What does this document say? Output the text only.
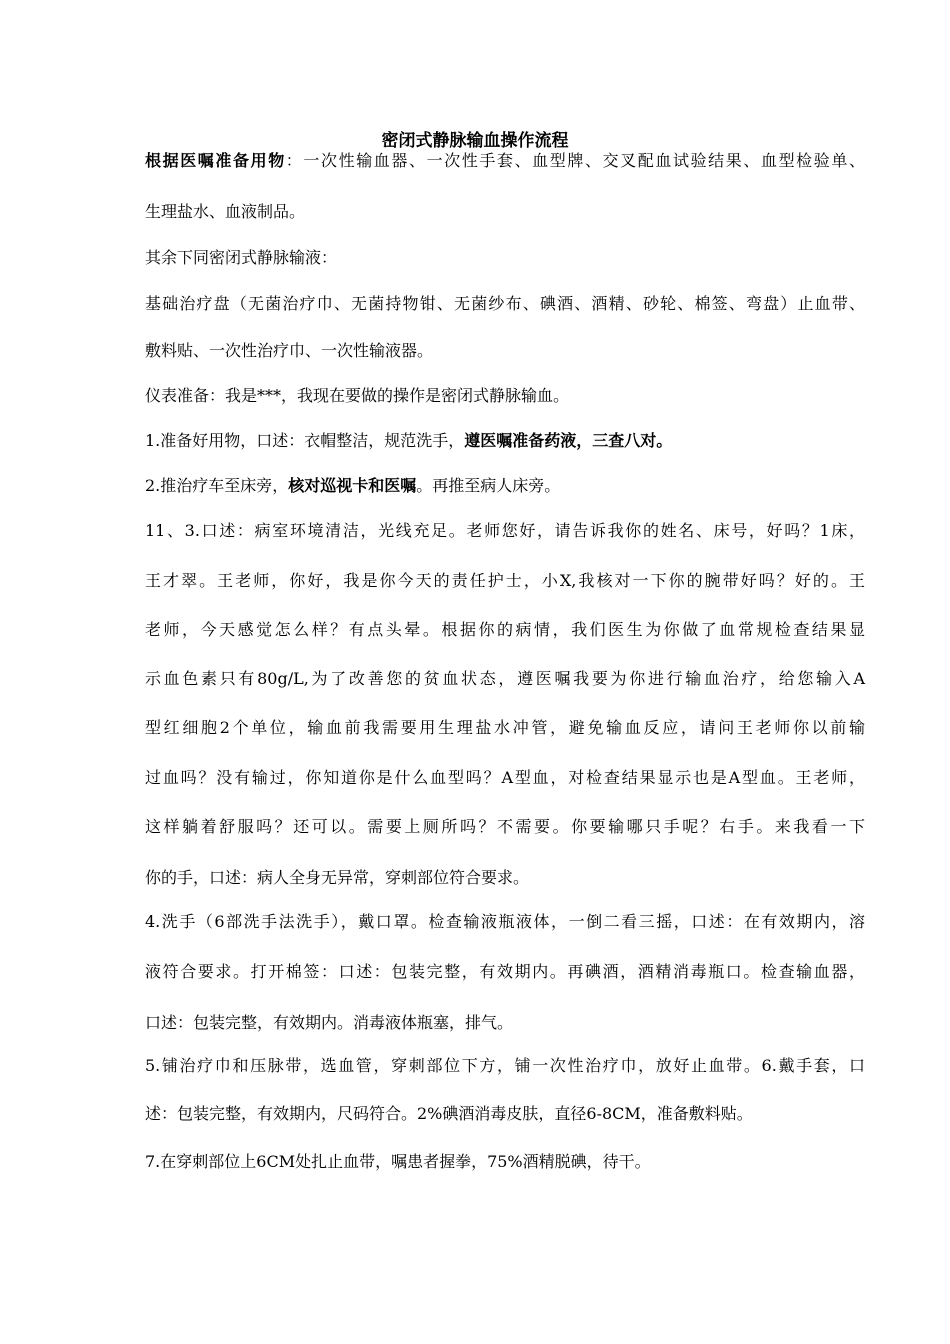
密闭式静脉输血操作流程
根据医嘱准备用物：一次性输血器、一次性手套、血型牌、交叉配血试验结果、血型检验单、
生理盐水、血液制品。
其余下同密闭式静脉输液：
基础治疗盘（无菌治疗巾、无菌持物钳、无菌纱布、碘酒、酒精、砂轮、棉签、弯盘）止血带、
敷料贴、一次性治疗巾、一次性输液器。
仪表准备：我是***，我现在要做的操作是密闭式静脉输血。
1.准备好用物，口述：衣帽整洁，规范洗手，遵医嘱准备药液，三查八对。
2.推治疗车至床旁，核对巡视卡和医嘱。再推至病人床旁。
11、3.口述：病室环境清洁，光线充足。老师您好，请告诉我你的姓名、床号，好吗？1床，
王才翠。王老师，你好，我是你今天的责任护士，小X,我核对一下你的腕带好吗？好的。王
老师，今天感觉怎么样？有点头晕。根据你的病情，我们医生为你做了血常规检查结果显
示血色素只有80g/L,为了改善您的贫血状态，遵医嘱我要为你进行输血治疗，给您输入A
型红细胞2个单位，输血前我需要用生理盐水冲管，避免输血反应，请问王老师你以前输
过血吗？没有输过，你知道你是什么血型吗？A型血，对检查结果显示也是A型血。王老师，
这样躺着舒服吗？还可以。需要上厕所吗？不需要。你要输哪只手呢？右手。来我看一下
你的手，口述：病人全身无异常，穿刺部位符合要求。
4.洗手（6部洗手法洗手），戴口罩。检查输液瓶液体，一倒二看三摇，口述：在有效期内，溶
液符合要求。打开棉签：口述：包装完整，有效期内。再碘酒，酒精消毒瓶口。检查输血器，
口述：包装完整，有效期内。消毒液体瓶塞，排气。
5.铺治疗巾和压脉带，选血管，穿刺部位下方，铺一次性治疗巾，放好止血带。6.戴手套，口
述：包装完整，有效期内，尺码符合。2%碘酒消毒皮肤，直径6-8CM，准备敷料贴。
7.在穿刺部位上6CM处扎止血带，嘱患者握拳，75%酒精脱碘，待干。
